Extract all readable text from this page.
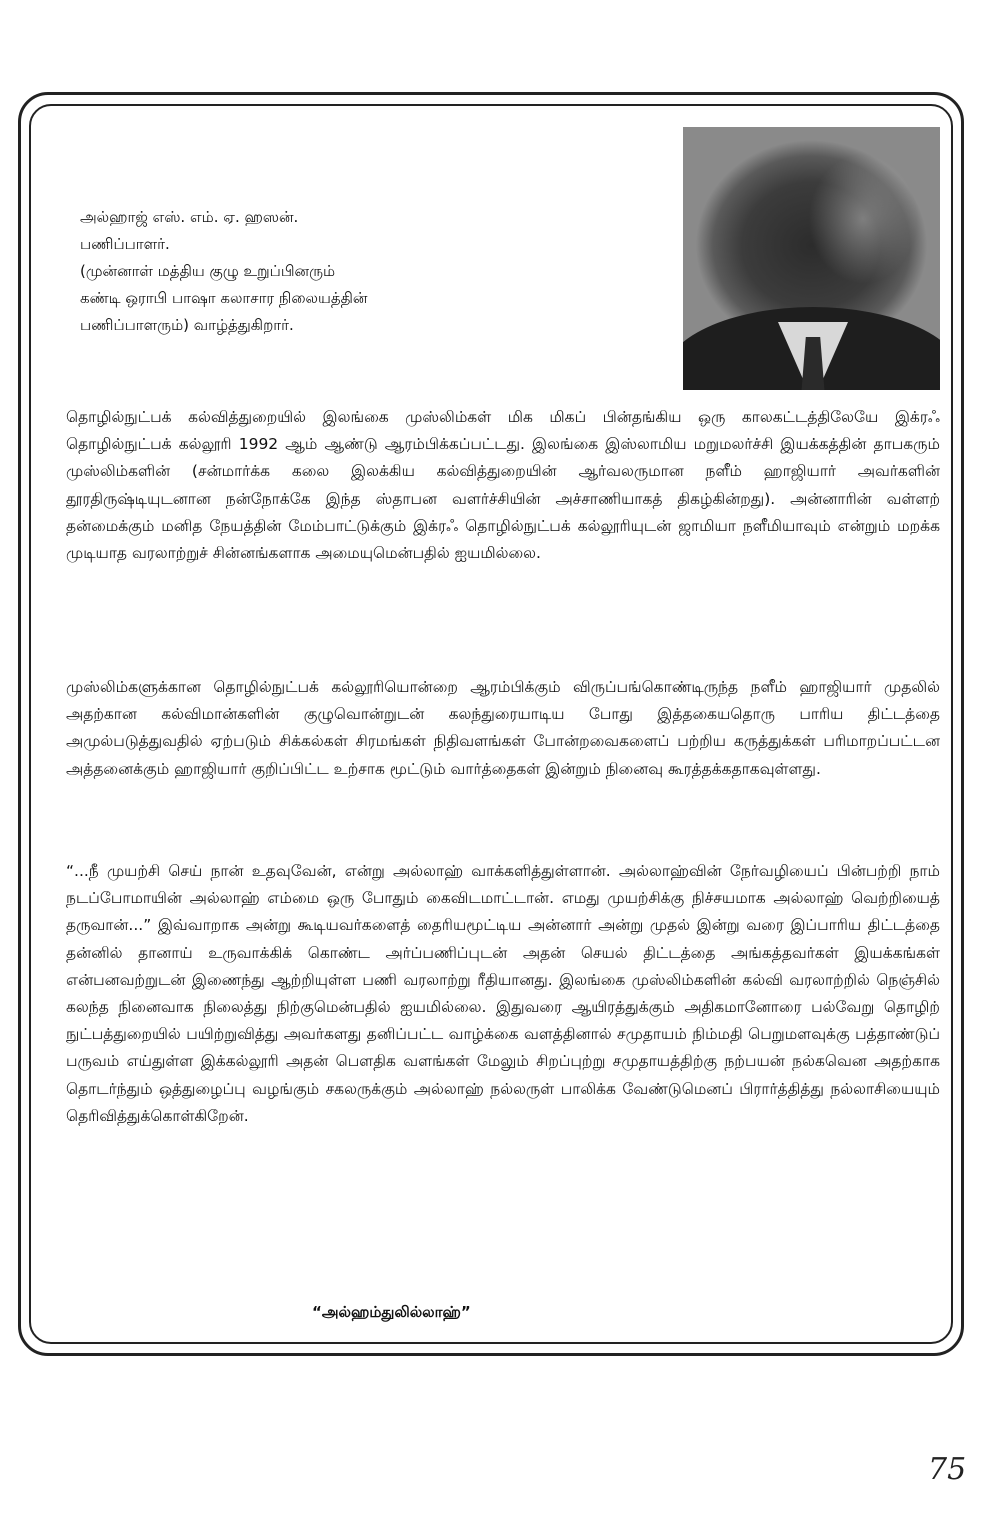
அல்ஹாஜ் எஸ். எம். ஏ. ஹஸன்.
பணிப்பாளர்.
(முன்னாள் மத்திய குழு உறுப்பினரும்
கண்டி ஒராபி பாஷா கலாசார நிலையத்தின்
பணிப்பாளரும்) வாழ்த்துகிறார்.
தொழில்நுட்பக் கல்வித்துறையில் இலங்கை முஸ்லிம்கள் மிக மிகப் பின்தங்கிய ஒரு காலகட்டத்திலேயே இக்ரஃ தொழில்நுட்பக் கல்லூரி 1992 ஆம் ஆண்டு ஆரம்பிக்கப்பட்டது. இலங்கை இஸ்லாமிய மறுமலர்ச்சி இயக்கத்தின் தாபகரும் முஸ்லிம்களின் (சன்மார்க்க கலை இலக்கிய கல்வித்துறையின் ஆர்வலருமான நளீம் ஹாஜியார் அவர்களின் தூரதிருஷ்டியுடனான நன்நோக்கே இந்த ஸ்தாபன வளர்ச்சியின் அச்சாணியாகத் திகழ்கின்றது). அன்னாரின் வள்ளற் தன்மைக்கும் மனித நேயத்தின் மேம்பாட்டுக்கும் இக்ரஃ தொழில்நுட்பக் கல்லூரியுடன் ஜாமியா நளீமியாவும் என்றும் மறக்க முடியாத வரலாற்றுச் சின்னங்களாக அமையுமென்பதில் ஐயமில்லை.
முஸ்லிம்களுக்கான தொழில்நுட்பக் கல்லூரியொன்றை ஆரம்பிக்கும் விருப்பங்கொண்டிருந்த நளீம் ஹாஜியார் முதலில் அதற்கான கல்விமான்களின் குழுவொன்றுடன் கலந்துரையாடிய போது இத்தகையதொரு பாரிய திட்டத்தை அமுல்படுத்துவதில் ஏற்படும் சிக்கல்கள் சிரமங்கள் நிதிவளங்கள் போன்றவைகளைப் பற்றிய கருத்துக்கள் பரிமாறப்பட்டன அத்தனைக்கும் ஹாஜியார் குறிப்பிட்ட உற்சாக மூட்டும் வார்த்தைகள் இன்றும் நினைவு கூரத்தக்கதாகவுள்ளது.
“...நீ முயற்சி செய் நான் உதவுவேன், என்று அல்லாஹ் வாக்களித்துள்ளான். அல்லாஹ்வின் நேர்வழியைப் பின்பற்றி நாம் நடப்போமாயின் அல்லாஹ் எம்மை ஒரு போதும் கைவிடமாட்டான். எமது முயற்சிக்கு நிச்சயமாக அல்லாஹ் வெற்றியைத் தருவான்...” இவ்வாறாக அன்று கூடியவர்களைத் தைரியமூட்டிய அன்னார் அன்று முதல் இன்று வரை இப்பாரிய திட்டத்தை தன்னில் தானாய் உருவாக்கிக் கொண்ட அர்ப்பணிப்புடன் அதன் செயல் திட்டத்தை அங்கத்தவர்கள் இயக்கங்கள் என்பனவற்றுடன் இணைந்து ஆற்றியுள்ள பணி வரலாற்று ரீதியானது. இலங்கை முஸ்லிம்களின் கல்வி வரலாற்றில் நெஞ்சில் கலந்த நினைவாக நிலைத்து நிற்குமென்பதில் ஐயமில்லை. இதுவரை ஆயிரத்துக்கும் அதிகமானோரை பல்வேறு தொழிற் நுட்பத்துறையில் பயிற்றுவித்து அவர்களது தனிப்பட்ட வாழ்க்கை வளத்தினால் சமுதாயம் நிம்மதி பெறுமளவுக்கு பத்தாண்டுப் பருவம் எய்துள்ள இக்கல்லூரி அதன் பௌதிக வளங்கள் மேலும் சிறப்புற்று சமுதாயத்திற்கு நற்பயன் நல்கவென அதற்காக தொடர்ந்தும் ஒத்துழைப்பு வழங்கும் சகலருக்கும் அல்லாஹ் நல்லருள் பாலிக்க வேண்டுமெனப் பிரார்த்தித்து நல்லாசியையும் தெரிவித்துக்கொள்கிறேன்.
“அல்ஹம்துலில்லாஹ்”
75
